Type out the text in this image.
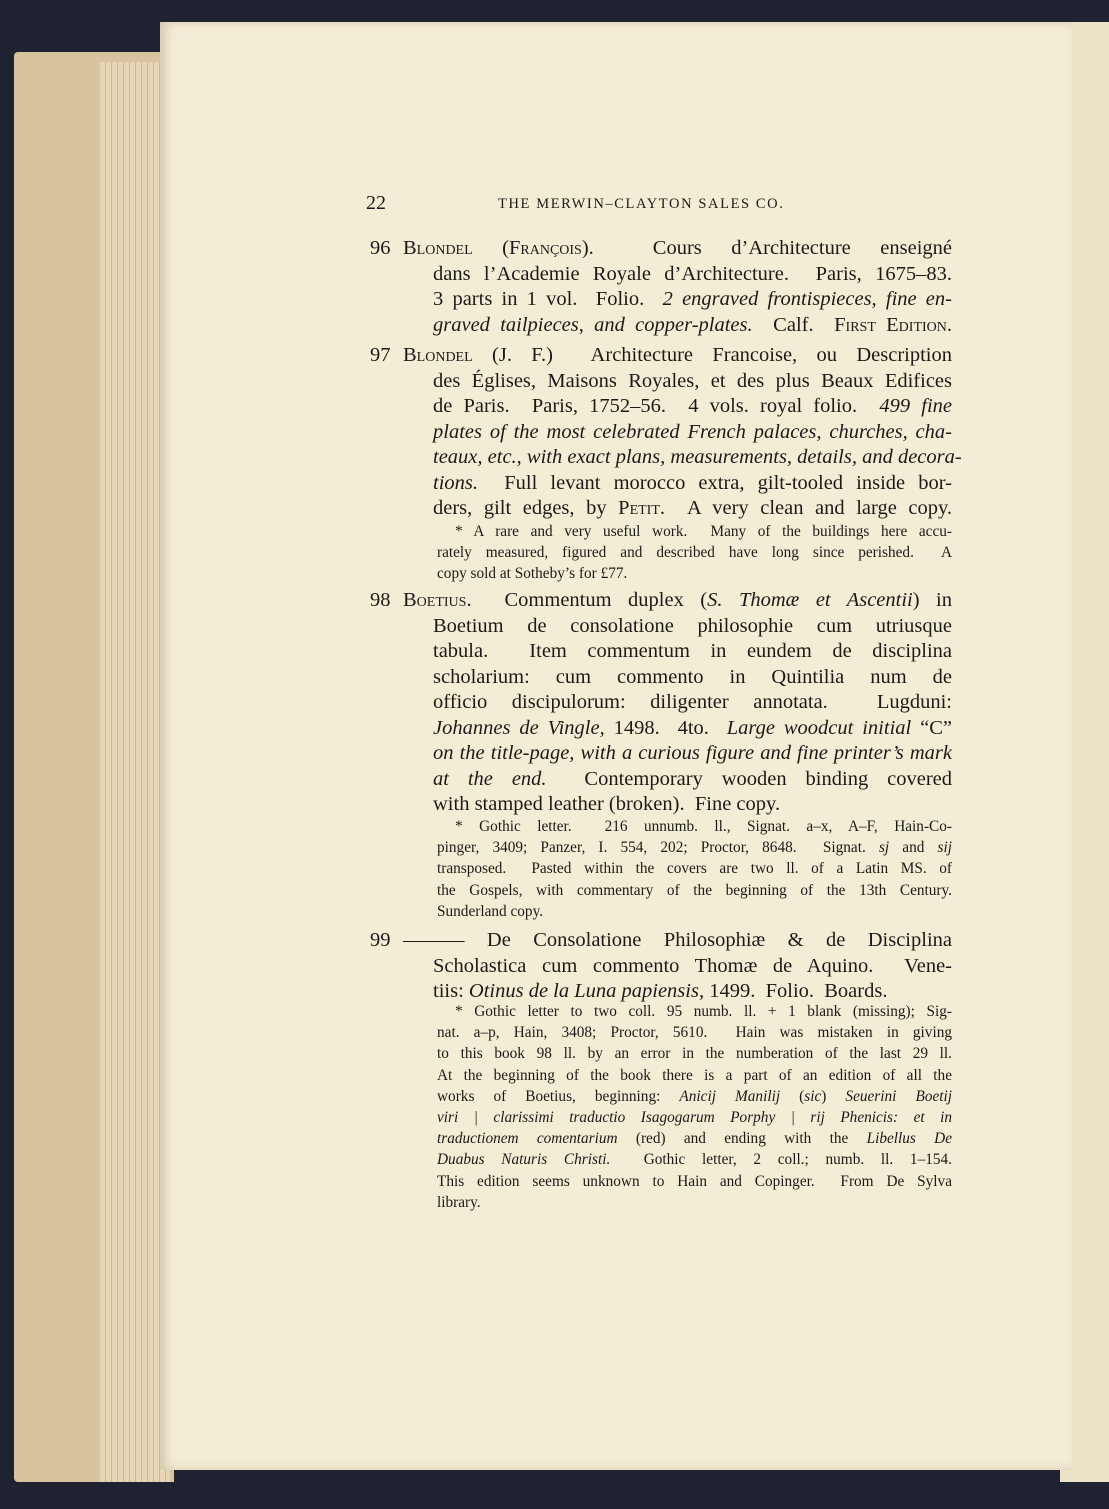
22	THE MERWIN–CLAYTON SALES CO.
96 Blondel (François).  Cours d’Architecture enseigné
dans l’Academie Royale d’Architecture.  Paris, 1675–83.
3 parts in 1 vol.  Folio.  2 engraved frontispieces, fine en-
graved tailpieces, and copper-plates.  Calf.  First Edition.
97 Blondel (J. F.)  Architecture Francoise, ou Description
des Églises, Maisons Royales, et des plus Beaux Edifices
de Paris.  Paris, 1752–56.  4 vols. royal folio.  499 fine
plates of the most celebrated French palaces, churches, cha-
teaux, etc., with exact plans, measurements, details, and decora-
tions.  Full levant morocco extra, gilt-tooled inside bor-
ders, gilt edges, by Petit.  A very clean and large copy.
* A rare and very useful work.  Many of the buildings here accu-
rately measured, figured and described have long since perished.  A
copy sold at Sotheby’s for £77.
98 Boetius.  Commentum duplex (S. Thomæ et Ascentii) in
Boetium de consolatione philosophie cum utriusque
tabula.  Item commentum in eundem de disciplina
scholarium: cum commento in Quintilia num de
officio discipulorum: diligenter annotata.  Lugduni:
Johannes de Vingle, 1498.  4to.  Large woodcut initial “C”
on the title-page, with a curious figure and fine printer’s mark
at the end.  Contemporary wooden binding covered
with stamped leather (broken).  Fine copy.
* Gothic letter.  216 unnumb. ll., Signat. a–x, A–F, Hain-Co-
pinger, 3409; Panzer, I. 554, 202; Proctor, 8648.  Signat. sj and sij
transposed.  Pasted within the covers are two ll. of a Latin MS. of
the Gospels, with commentary of the beginning of the 13th Century.
Sunderland copy.
99 ——— De Consolatione Philosophiæ & de Disciplina
Scholastica cum commento Thomæ de Aquino.  Vene-
tiis: Otinus de la Luna papiensis, 1499.  Folio.  Boards.
* Gothic letter to two coll. 95 numb. ll. + 1 blank (missing); Sig-
nat. a–p, Hain, 3408; Proctor, 5610.  Hain was mistaken in giving
to this book 98 ll. by an error in the numberation of the last 29 ll.
At the beginning of the book there is a part of an edition of all the
works of Boetius, beginning: Anicij Manilij (sic) Seuerini Boetij
viri | clarissimi traductio Isagogarum Porphy | rij Phenicis: et in
traductionem comentarium (red) and ending with the Libellus De
Duabus Naturis Christi.  Gothic letter, 2 coll.; numb. ll. 1–154.
This edition seems unknown to Hain and Copinger.  From De Sylva
library.
